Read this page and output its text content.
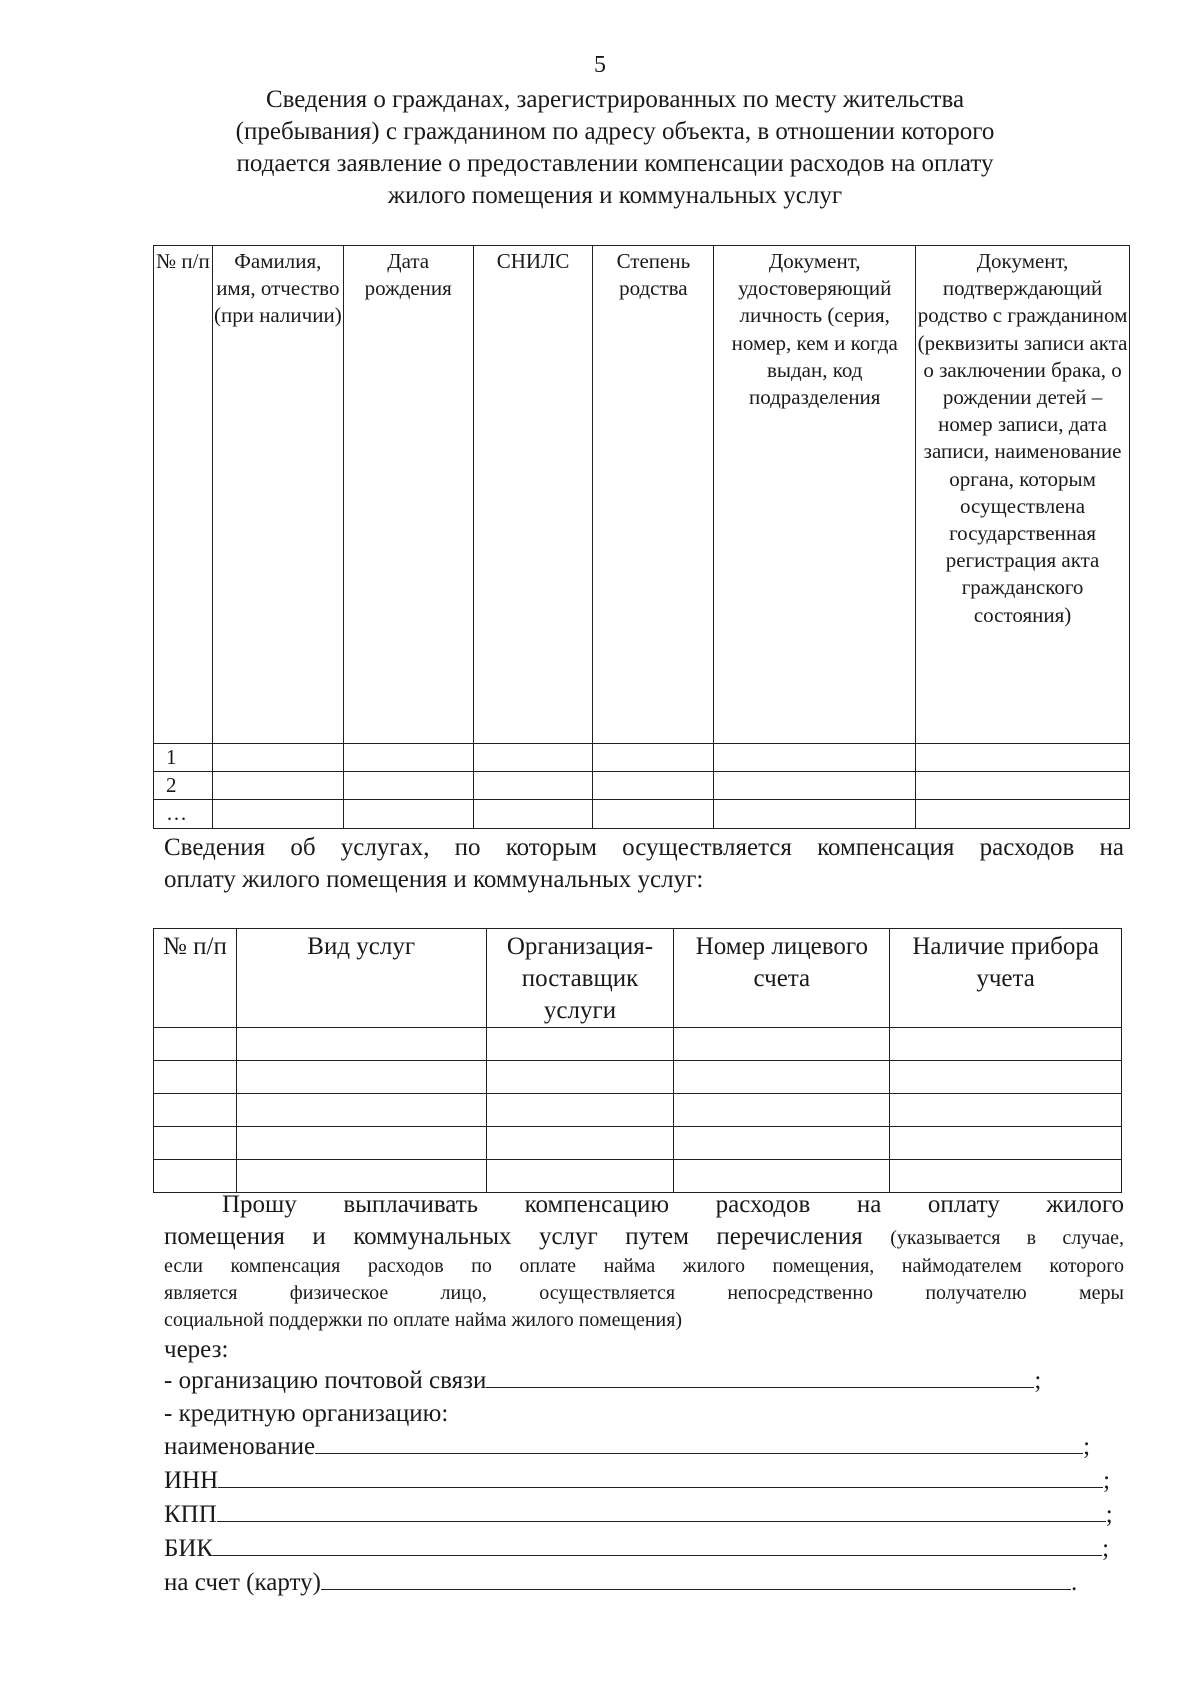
5
Сведения о гражданах, зарегистрированных по месту жительства
(пребывания) с гражданином по адресу объекта, в отношении которого
подается заявление о предоставлении компенсации расходов на оплату
жилого помещения и коммунальных услуг
№ п/п	Фамилия, имя, отчество (при наличии)	Дата рождения	СНИЛС	Степень родства	Документ, удостоверяющий личность (серия, номер, кем и когда выдан, код подразделения	Документ, подтверждающий родство с гражданином (реквизиты записи акта о заключении брака, о рождении детей – номер записи, дата записи, наименование органа, которым осуществлена государственная регистрация акта гражданского состояния)
1						
2						
…						
Сведения об услугах, по которым осуществляется компенсация расходов на
оплату жилого помещения и коммунальных услуг:
№ п/п	Вид услуг	Организация-поставщик услуги	Номер лицевого счета	Наличие прибора учета

Прошу выплачивать компенсацию расходов на оплату жилого
помещения и коммунальных услуг путем перечисления (указывается в случае,
если компенсация расходов по оплате найма жилого помещения, наймодателем которого
является физическое лицо, осуществляется непосредственно получателю меры
социальной поддержки по оплате найма жилого помещения)
через:
- организацию почтовой связи	;
- кредитную организацию:
наименование	;
ИНН	;
КПП	;
БИК	;
на счет (карту)	.
